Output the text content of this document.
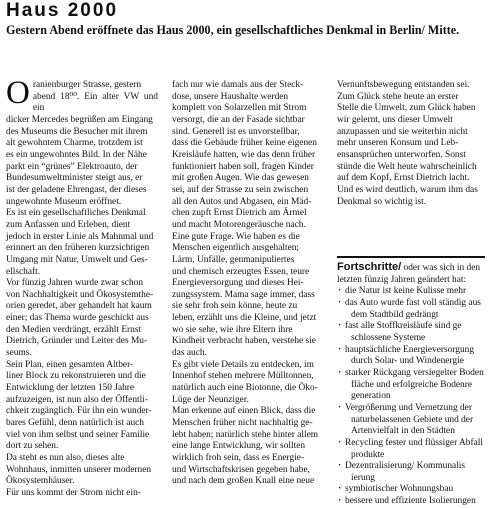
Haus 2000
Gestern Abend eröffnete das Haus 2000, ein gesellschaftliches Denkmal in Berlin/ Mitte.
O ranienburger Strasse, gestern
abend 18⁰⁰. Ein alter VW und ein
dicker Mercedes begrüßen am Eingang
des Museums die Besucher mit ihrem
alt gewohntem Charme, trotzdem ist
es ein ungewohntes Bild. In der Nähe
parkt ein “grünes” Elektroauto, der
Bundesumweltminister steigt aus, er
ist der geladene Ehrengast, der dieses
ungewohnte Museum eröffnet.
Es ist ein gesellschaftliches Denkmal
zum Anfassen und Erleben, dient
jedoch in erster Linie als Mahnmal und
erinnert an den früheren kurzsichtigen
Umgang mit Natur, Umwelt und Ges-
ellschaft.
Vor fünzig Jahren wurde zwar schon
von Nachhaltigkeit und Ökosystemthe-
orien geredet, aber gehandelt hat kaum
einer; das Thema wurde geschickt aus
den Medien verdrängt, erzählt Ernst
Dietrich, Gründer und Leiter des Mu-
seums.
Sein Plan, einen gesamten Altber-
liner Block zu rekonstruieren und die
Entwicklung der letzten 150 Jahre
aufzuzeigen, ist nun also der Öffentli-
chkeit zugänglich. Für ihn ein wunder-
bares Gefühl, denn natürlich ist auch
viel von ihm selbst und seiner Familie
dort zu sehen.
Da steht es nun also, dieses alte
Wohnhaus, inmitten unserer modernen
Ökosystemhäuser.
Für uns kommt der Strom nicht ein-
fach nur wie damals aus der Steck-
dose, unsere Haushalte werden
komplett von Solarzellen mit Strom
versorgt, die an der Fasade sichtbar
sind. Generell ist es unvorstellbar,
dass die Gebäude früher keine eigenen
Kreisläufe hatten, wie das denn früher
funktioniert haben soll, fragen Kinder
mit großen Augen. Wie das gewesen
sei, auf der Strasse zu sein zwischen
all den Autos und Abgasen, ein Mäd-
chen zupft Ernst Dietrich am Ärmel
und macht Motorengeräusche nach.
Eine gute Frage. Wie haben es die
Menschen eigentlich ausgehalten;
Lärm, Unfälle, genmanipuliertes
und chemisch erzeugtes Essen, teure
Energieversorgung und dieses Hei-
zungssystem. Mama sage immer, dass
sie sehr froh sein könne, heute zu
leben, erzählt uns die Kleine, und jetzt
wo sie sehe, wie ihre Eltern ihre
Kindheit verbracht haben, verstehe sie
das auch.
Es gibt viele Details zu entdecken, im
Innenhof stehen mehrere Mülltonnen,
natürlich auch eine Biotonne, die Öko-
Lüge der Neunziger.
Man erkenne auf einen Blick, dass die
Menschen früher nicht nachhaltig ge-
lebt haben; natürlich stehe hinter allem
eine lange Entwicklung, wir sollten
wirklich froh sein, dass es Energie-
und Wirtschaftskrisen gegeben habe,
und nach dem großen Knall eine neue
Vernunftsbewegung entstanden sei.
Zum Glück stehe heute an erster
Stelle die Umwelt, zum Glück haben
wir gelernt, uns dieser Umwelt
anzupassen und sie weiterhin nicht
mehr unseren Konsum und Leb-
ensansprüchen unterworfen. Sonst
stünde die Welt heute wahrscheinlich
auf dem Kopf, Ernst Dietrich lacht.
Und es wird deutlich, warum ihm das
Denkmal so wichtig ist.

Fortschritte/ oder was sich in den

letzten fünzig Jahren geändert hat:

· die Natur ist keine Kulisse mehr
· das Auto wurde fast voll ständig aus
dem Stadtbild gedrängt
· fast alle Stoffkreisläufe sind ge
schlossene Systeme
· hauptsächliche Energieversorgung
durch Solar- und Windenergie
· starker Rückgang versiegelter Boden
fläche und erfolgreiche Bodenre
generation
· Vergrößerung und Vernetzung der
naturbelassenen Gebiete und der
Artenvielfalt in den Städten
· Recycling fester und flüssiger Abfall
produkte
· Dezentralisierung/ Kommunalis
ierung
· symbiotischer Wohnungsbau
· bessere und effiziente Isolierungen
